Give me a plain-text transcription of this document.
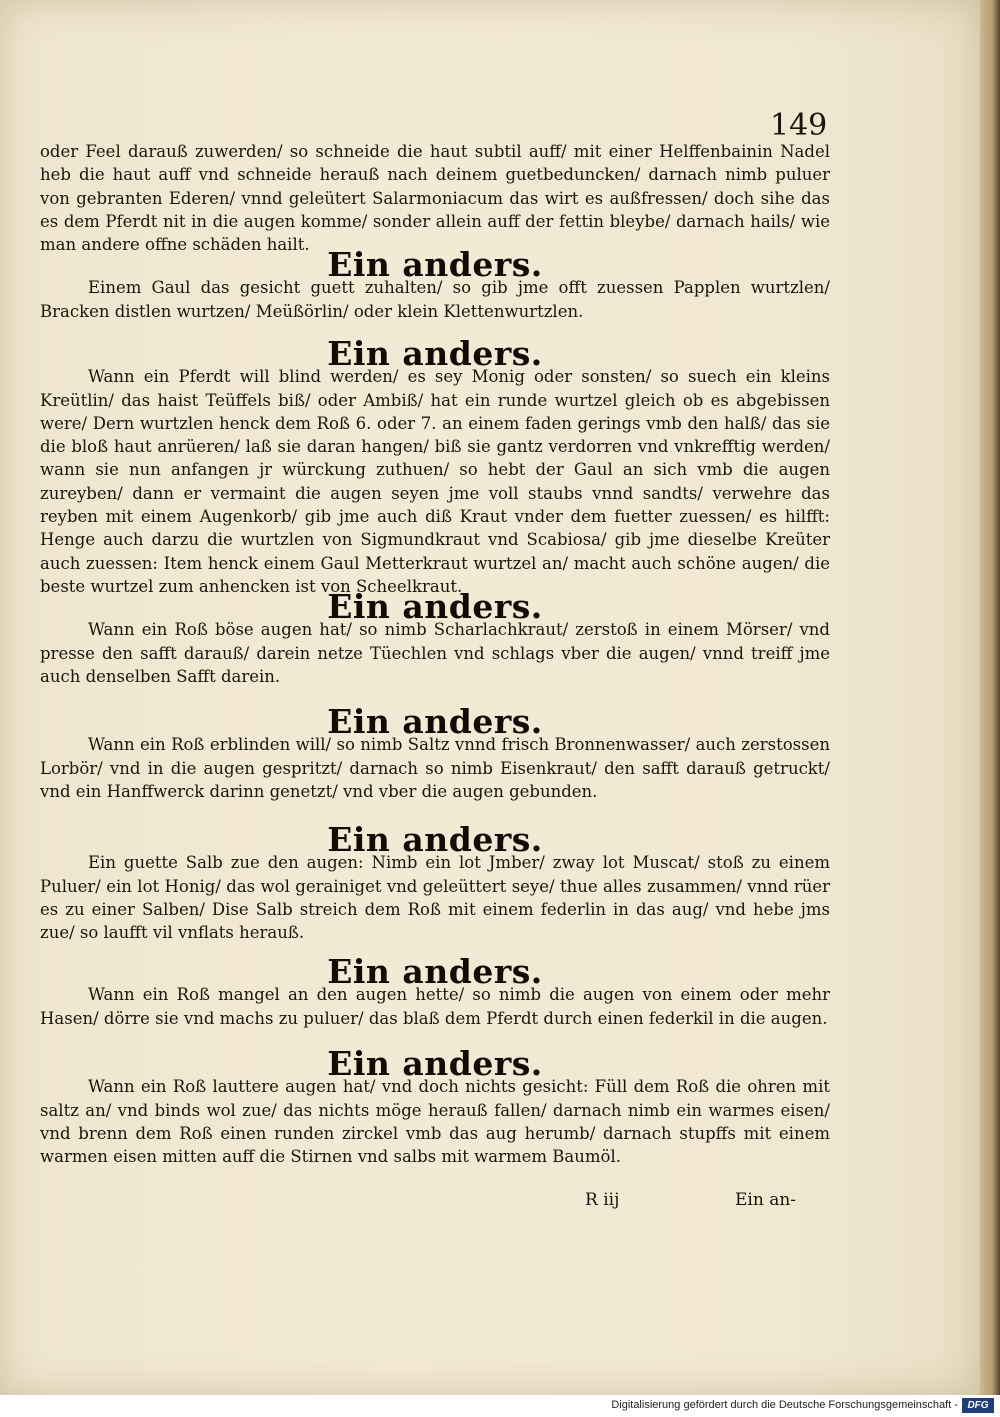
149

oder Feel darauß zuwerden/ so schneide die haut subtil auff/ mit einer Helffenbainin Nadel heb die haut auff vnd schneide herauß nach deinem guetbeduncken/ darnach nimb puluer von gebranten Ederen/ vnnd geleütert Salarmoniacum das wirt es außfressen/ doch sihe das es dem Pferdt nit in die augen komme/ sonder allein auff der fettin bleybe/ darnach hails/ wie man andere offne schäden hailt.

Ein anders.

Einem Gaul das gesicht guett zuhalten/ so gib jme offt zuessen Papplen wurtzlen/ Bracken distlen wurtzen/ Meüßörlin/ oder klein Klettenwurtzlen.

Ein anders.

Wann ein Pferdt will blind werden/ es sey Monig oder sonsten/ so suech ein kleins Kreütlin/ das haist Teüffels biß/ oder Ambiß/ hat ein runde wurtzel gleich ob es abgebissen were/ Dern wurtzlen henck dem Roß 6. oder 7. an einem faden gerings vmb den halß/ das sie die bloß haut anrüeren/ laß sie daran hangen/ biß sie gantz verdorren vnd vnkrefftig werden/ wann sie nun anfangen jr würckung zuthuen/ so hebt der Gaul an sich vmb die augen zureyben/ dann er vermaint die augen seyen jme voll staubs vnnd sandts/ verwehre das reyben mit einem Augenkorb/ gib jme auch diß Kraut vnder dem fuetter zuessen/ es hilfft: Henge auch darzu die wurtzlen von Sigmundkraut vnd Scabiosa/ gib jme dieselbe Kreüter auch zuessen: Item henck einem Gaul Metterkraut wurtzel an/ macht auch schöne augen/ die beste wurtzel zum anhencken ist von Scheelkraut.

Ein anders.

Wann ein Roß böse augen hat/ so nimb Scharlachkraut/ zerstoß in einem Mörser/ vnd presse den safft darauß/ darein netze Tüechlen vnd schlags vber die augen/ vnnd treiff jme auch denselben Safft darein.

Ein anders.

Wann ein Roß erblinden will/ so nimb Saltz vnnd frisch Bronnenwasser/ auch zerstossen Lorbör/ vnd in die augen gespritzt/ darnach so nimb Eisenkraut/ den safft darauß getruckt/ vnd ein Hanffwerck darinn genetzt/ vnd vber die augen gebunden.

Ein anders.

Ein guette Salb zue den augen: Nimb ein lot Jmber/ zway lot Muscat/ stoß zu einem Puluer/ ein lot Honig/ das wol gerainiget vnd geleüttert seye/ thue alles zusammen/ vnnd rüer es zu einer Salben/ Dise Salb streich dem Roß mit einem federlin in das aug/ vnd hebe jms zue/ so laufft vil vnflats herauß.

Ein anders.

Wann ein Roß mangel an den augen hette/ so nimb die augen von einem oder mehr Hasen/ dörre sie vnd machs zu puluer/ das blaß dem Pferdt durch einen federkil in die augen.

Ein anders.

Wann ein Roß lauttere augen hat/ vnd doch nichts gesicht: Füll dem Roß die ohren mit saltz an/ vnd binds wol zue/ das nichts möge herauß fallen/ darnach nimb ein warmes eisen/ vnd brenn dem Roß einen runden zirckel vmb das aug herumb/ darnach stupffs mit einem warmen eisen mitten auff die Stirnen vnd salbs mit warmem Baumöl.

R iij	Ein an-
Digitalisierung gefördert durch die Deutsche Forschungsgemeinschaft - DFG
